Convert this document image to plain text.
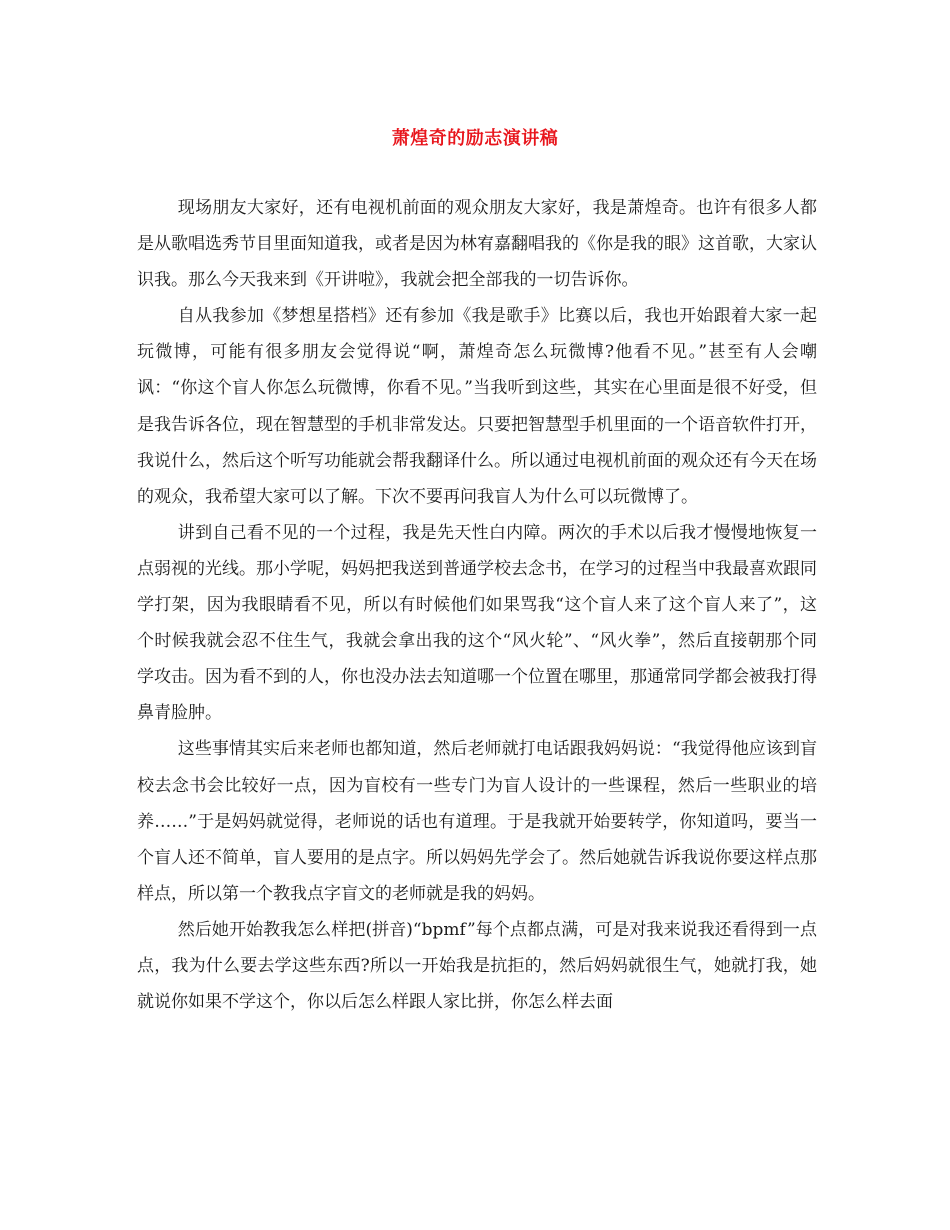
萧煌奇的励志演讲稿

现场朋友大家好，还有电视机前面的观众朋友大家好，我是萧煌奇。也许有很多人都是从歌唱选秀节目里面知道我，或者是因为林宥嘉翻唱我的《你是我的眼》这首歌，大家认识我。那么今天我来到《开讲啦》，我就会把全部我的一切告诉你。

自从我参加《梦想星搭档》还有参加《我是歌手》比赛以后，我也开始跟着大家一起玩微博，可能有很多朋友会觉得说“啊，萧煌奇怎么玩微博?他看不见。”甚至有人会嘲讽：“你这个盲人你怎么玩微博，你看不见。”当我听到这些，其实在心里面是很不好受，但是我告诉各位，现在智慧型的手机非常发达。只要把智慧型手机里面的一个语音软件打开，我说什么，然后这个听写功能就会帮我翻译什么。所以通过电视机前面的观众还有今天在场的观众，我希望大家可以了解。下次不要再问我盲人为什么可以玩微博了。

讲到自己看不见的一个过程，我是先天性白内障。两次的手术以后我才慢慢地恢复一点弱视的光线。那小学呢，妈妈把我送到普通学校去念书，在学习的过程当中我最喜欢跟同学打架，因为我眼睛看不见，所以有时候他们如果骂我“这个盲人来了这个盲人来了”，这个时候我就会忍不住生气，我就会拿出我的这个“风火轮”、“风火拳”，然后直接朝那个同学攻击。因为看不到的人，你也没办法去知道哪一个位置在哪里，那通常同学都会被我打得鼻青脸肿。

这些事情其实后来老师也都知道，然后老师就打电话跟我妈妈说：“我觉得他应该到盲校去念书会比较好一点，因为盲校有一些专门为盲人设计的一些课程，然后一些职业的培养……”于是妈妈就觉得，老师说的话也有道理。于是我就开始要转学，你知道吗，要当一个盲人还不简单，盲人要用的是点字。所以妈妈先学会了。然后她就告诉我说你要这样点那样点，所以第一个教我点字盲文的老师就是我的妈妈。

然后她开始教我怎么样把(拼音)“bpmf”每个点都点满，可是对我来说我还看得到一点点，我为什么要去学这些东西?所以一开始我是抗拒的，然后妈妈就很生气，她就打我，她就说你如果不学这个，你以后怎么样跟人家比拼，你怎么样去面
